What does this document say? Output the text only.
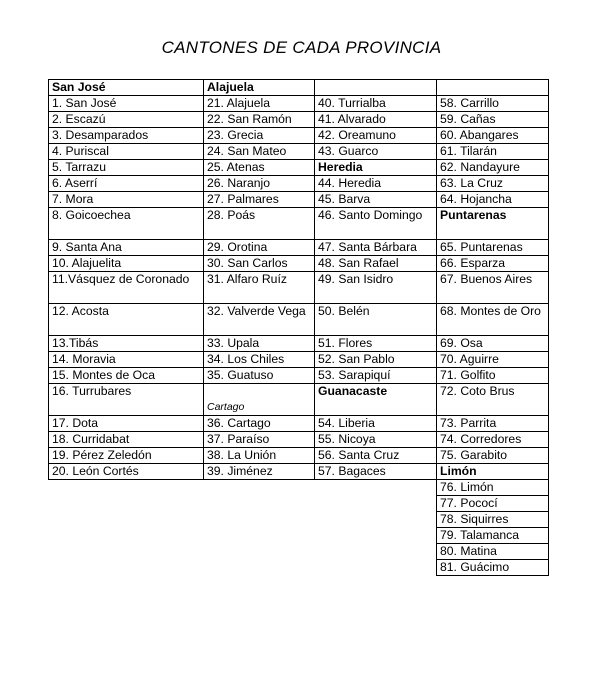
CANTONES DE CADA PROVINCIA
San José	Alajuela		
1. San José	21. Alajuela	40. Turrialba	58. Carrillo
2. Escazú	22. San Ramón	41. Alvarado	59. Cañas
3. Desamparados	23. Grecia	42. Oreamuno	60. Abangares
4. Puriscal	24. San Mateo	43. Guarco	61. Tilarán
5. Tarrazu	25. Atenas	Heredia	62. Nandayure
6. Aserrí	26. Naranjo	44. Heredia	63. La Cruz
7. Mora	27. Palmares	45. Barva	64. Hojancha
8. Goicoechea	28. Poás	46. Santo Domingo	Puntarenas
9. Santa Ana	29. Orotina	47. Santa Bárbara	65. Puntarenas
10. Alajuelita	30. San Carlos	48. San Rafael	66. Esparza
11.Vásquez de Coronado	31. Alfaro Ruíz	49. San Isidro	67. Buenos Aires
12. Acosta	32. Valverde Vega	50. Belén	68. Montes de Oro
13.Tibás	33. Upala	51. Flores	69. Osa
14. Moravia	34. Los Chiles	52. San Pablo	70. Aguirre
15. Montes de Oca	35. Guatuso	53. Sarapiquí	71. Golfito
16. Turrubares	Cartago	Guanacaste	72. Coto Brus
17. Dota	36. Cartago	54. Liberia	73. Parrita
18. Curridabat	37. Paraíso	55. Nicoya	74. Corredores
19. Pérez Zeledón	38. La Unión	56. Santa Cruz	75. Garabito
20. León Cortés	39. Jiménez	57. Bagaces	Limón
			76. Limón
			77. Pococí
			78. Siquirres
			79. Talamanca
			80. Matina
			81. Guácimo
